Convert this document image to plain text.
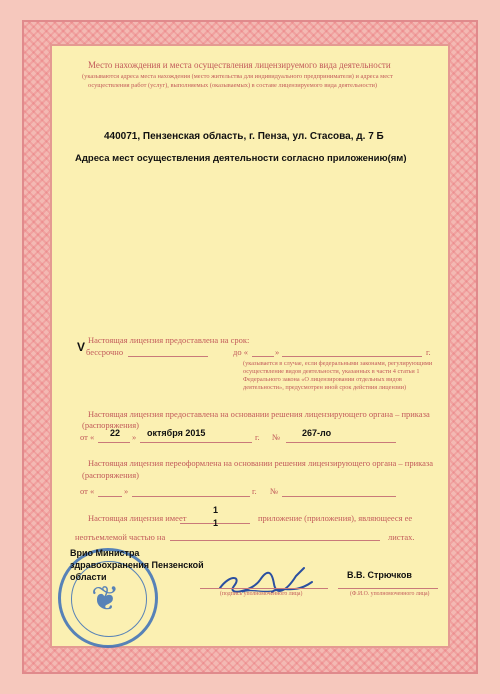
Место нахождения и места осуществления лицензируемого вида деятельности
(указываются адреса места нахождения (место жительства для индивидуального предпринимателя) и адреса мест
осуществления работ (услуг), выполняемых (оказываемых) в составе лицензируемого вида деятельности)
440071, Пензенская область, г. Пенза, ул. Стасова, д. 7 Б
Адреса мест осуществления деятельности согласно приложению(ям)
Настоящая лицензия предоставлена на срок:
V бессрочно	до «	»	г.
(указывается в случае, если федеральными законами, регулирующими осуществление видов деятельности, указанных в части 4 статьи 1 Федерального закона «О лицензировании отдельных видов деятельности», предусмотрен иной срок действия лицензии)
Настоящая лицензия предоставлена на основании решения лицензирующего органа – приказа
(распоряжения)
от « 22 » октября 2015	г. № 267-ло
Настоящая лицензия переоформлена на основании решения лицензирующего органа – приказа
(распоряжения)
от «	»	г. №
Настоящая лицензия имеет
1
приложение (приложения), являющееся ее
неотъемлемой частью на
1
листах.
❦
Врио Министра
здравоохранения Пензенской
области
(подпись уполномоченного лица)
В.В. Стрючков
(Ф.И.О. уполномоченного лица)
